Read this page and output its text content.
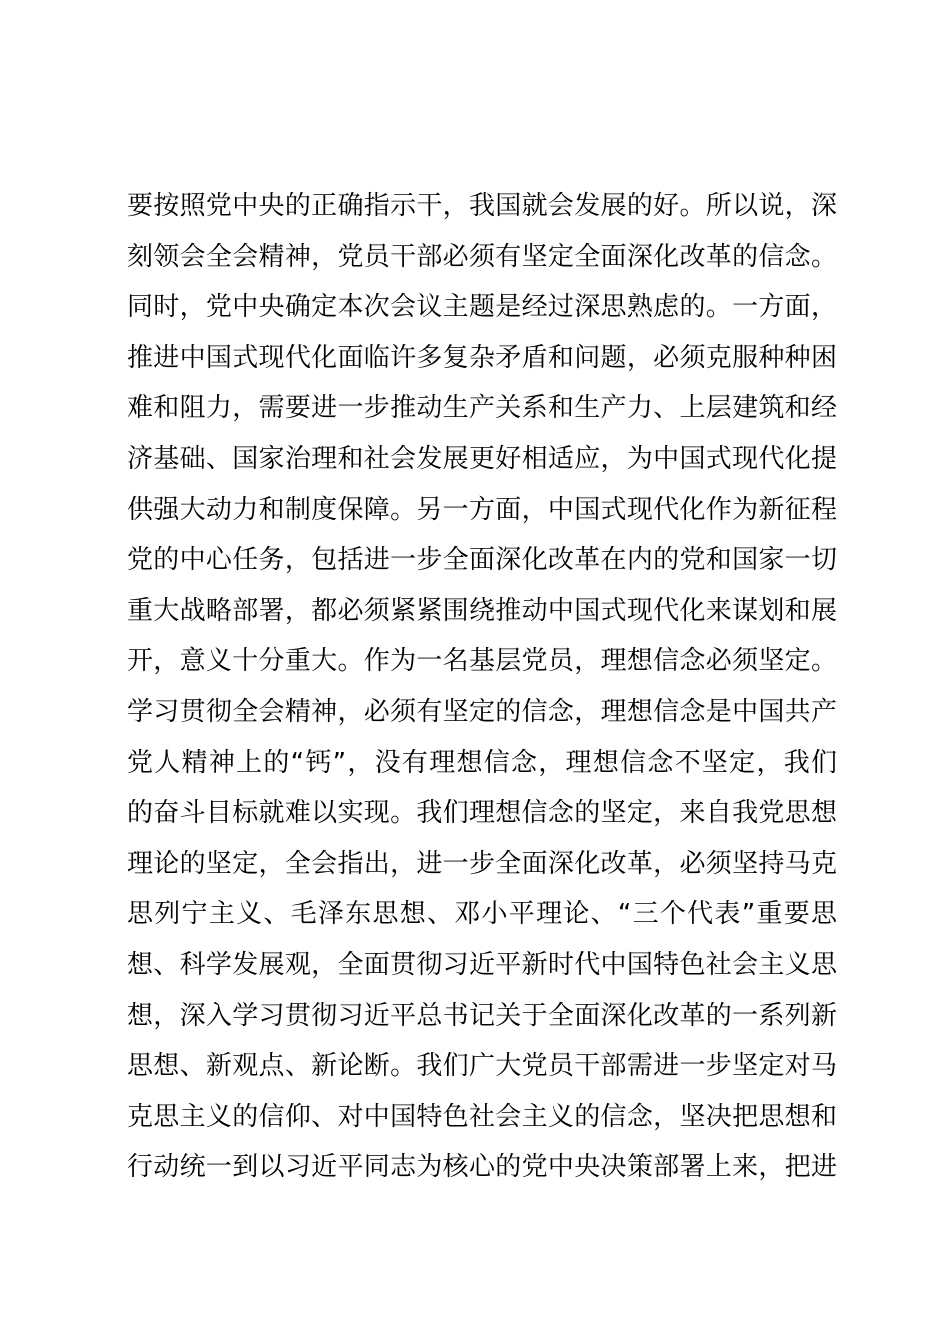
要按照党中央的正确指示干，我国就会发展的好。所以说，深
刻领会全会精神，党员干部必须有坚定全面深化改革的信念。
同时，党中央确定本次会议主题是经过深思熟虑的。一方面，
推进中国式现代化面临许多复杂矛盾和问题，必须克服种种困
难和阻力，需要进一步推动生产关系和生产力、上层建筑和经
济基础、国家治理和社会发展更好相适应，为中国式现代化提
供强大动力和制度保障。另一方面，中国式现代化作为新征程
党的中心任务，包括进一步全面深化改革在内的党和国家一切
重大战略部署，都必须紧紧围绕推动中国式现代化来谋划和展
开，意义十分重大。作为一名基层党员，理想信念必须坚定。
学习贯彻全会精神，必须有坚定的信念，理想信念是中国共产
党人精神上的“钙”，没有理想信念，理想信念不坚定，我们
的奋斗目标就难以实现。我们理想信念的坚定，来自我党思想
理论的坚定，全会指出，进一步全面深化改革，必须坚持马克
思列宁主义、毛泽东思想、邓小平理论、“三个代表”重要思
想、科学发展观，全面贯彻习近平新时代中国特色社会主义思
想，深入学习贯彻习近平总书记关于全面深化改革的一系列新
思想、新观点、新论断。我们广大党员干部需进一步坚定对马
克思主义的信仰、对中国特色社会主义的信念，坚决把思想和
行动统一到以习近平同志为核心的党中央决策部署上来，把进
